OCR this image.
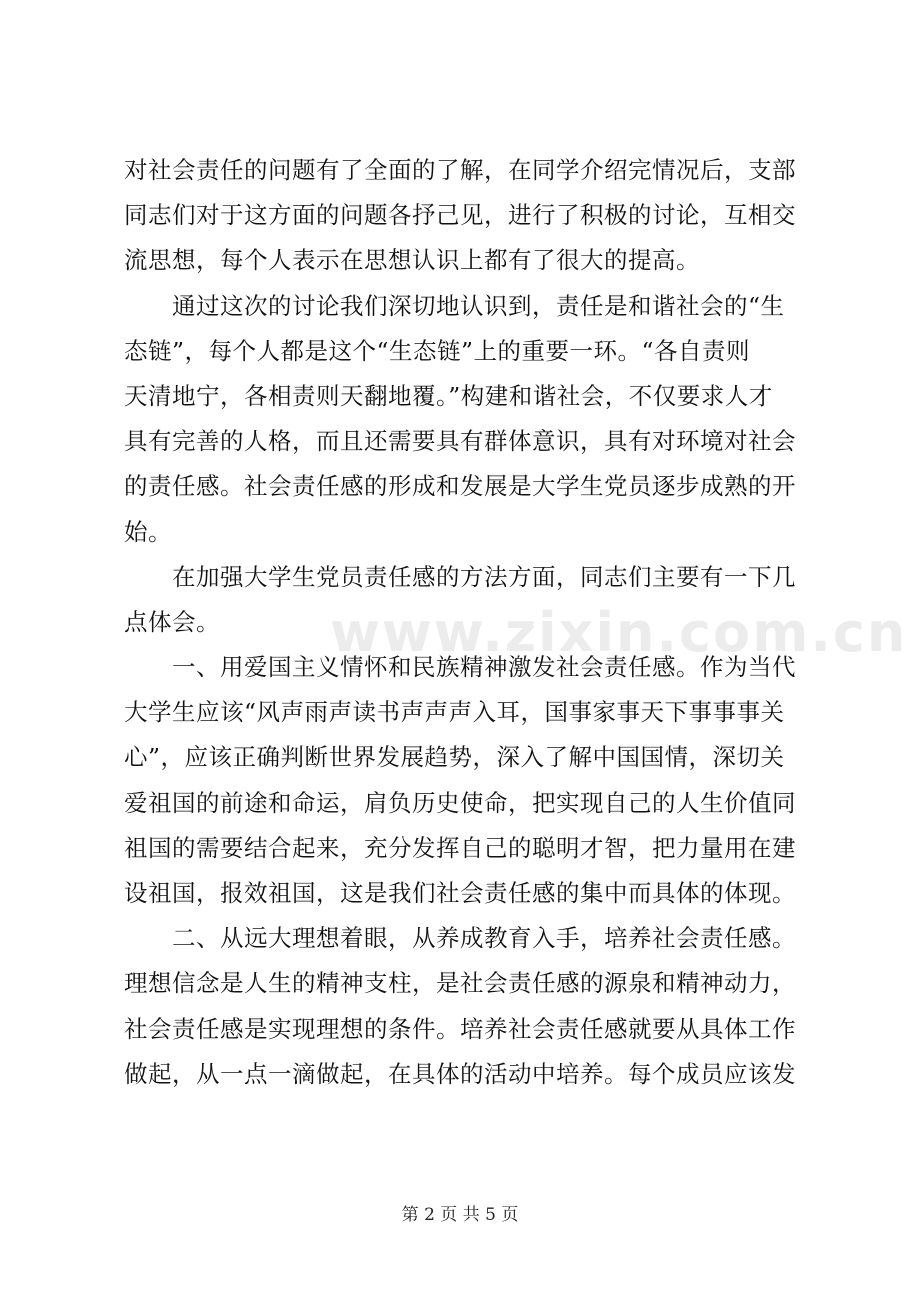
对社会责任的问题有了全面的了解，在同学介绍完情况后，支部
同志们对于这方面的问题各抒己见，进行了积极的讨论，互相交
流思想，每个人表示在思想认识上都有了很大的提高。
通过这次的讨论我们深切地认识到，责任是和谐社会的“生
态链”，每个人都是这个“生态链”上的重要一环。“各自责则
天清地宁，各相责则天翻地覆。”构建和谐社会，不仅要求人才
具有完善的人格，而且还需要具有群体意识，具有对环境对社会
的责任感。社会责任感的形成和发展是大学生党员逐步成熟的开
始。
在加强大学生党员责任感的方法方面，同志们主要有一下几
点体会。
一、用爱国主义情怀和民族精神激发社会责任感。作为当代
大学生应该“风声雨声读书声声声入耳，国事家事天下事事事关
心”，应该正确判断世界发展趋势，深入了解中国国情，深切关
爱祖国的前途和命运，肩负历史使命，把实现自己的人生价值同
祖国的需要结合起来，充分发挥自己的聪明才智，把力量用在建
设祖国，报效祖国，这是我们社会责任感的集中而具体的体现。
二、从远大理想着眼，从养成教育入手，培养社会责任感。
理想信念是人生的精神支柱，是社会责任感的源泉和精神动力，
社会责任感是实现理想的条件。培养社会责任感就要从具体工作
做起，从一点一滴做起，在具体的活动中培养。每个成员应该发
www.zixin.com.cn
第 2 页 共 5 页
